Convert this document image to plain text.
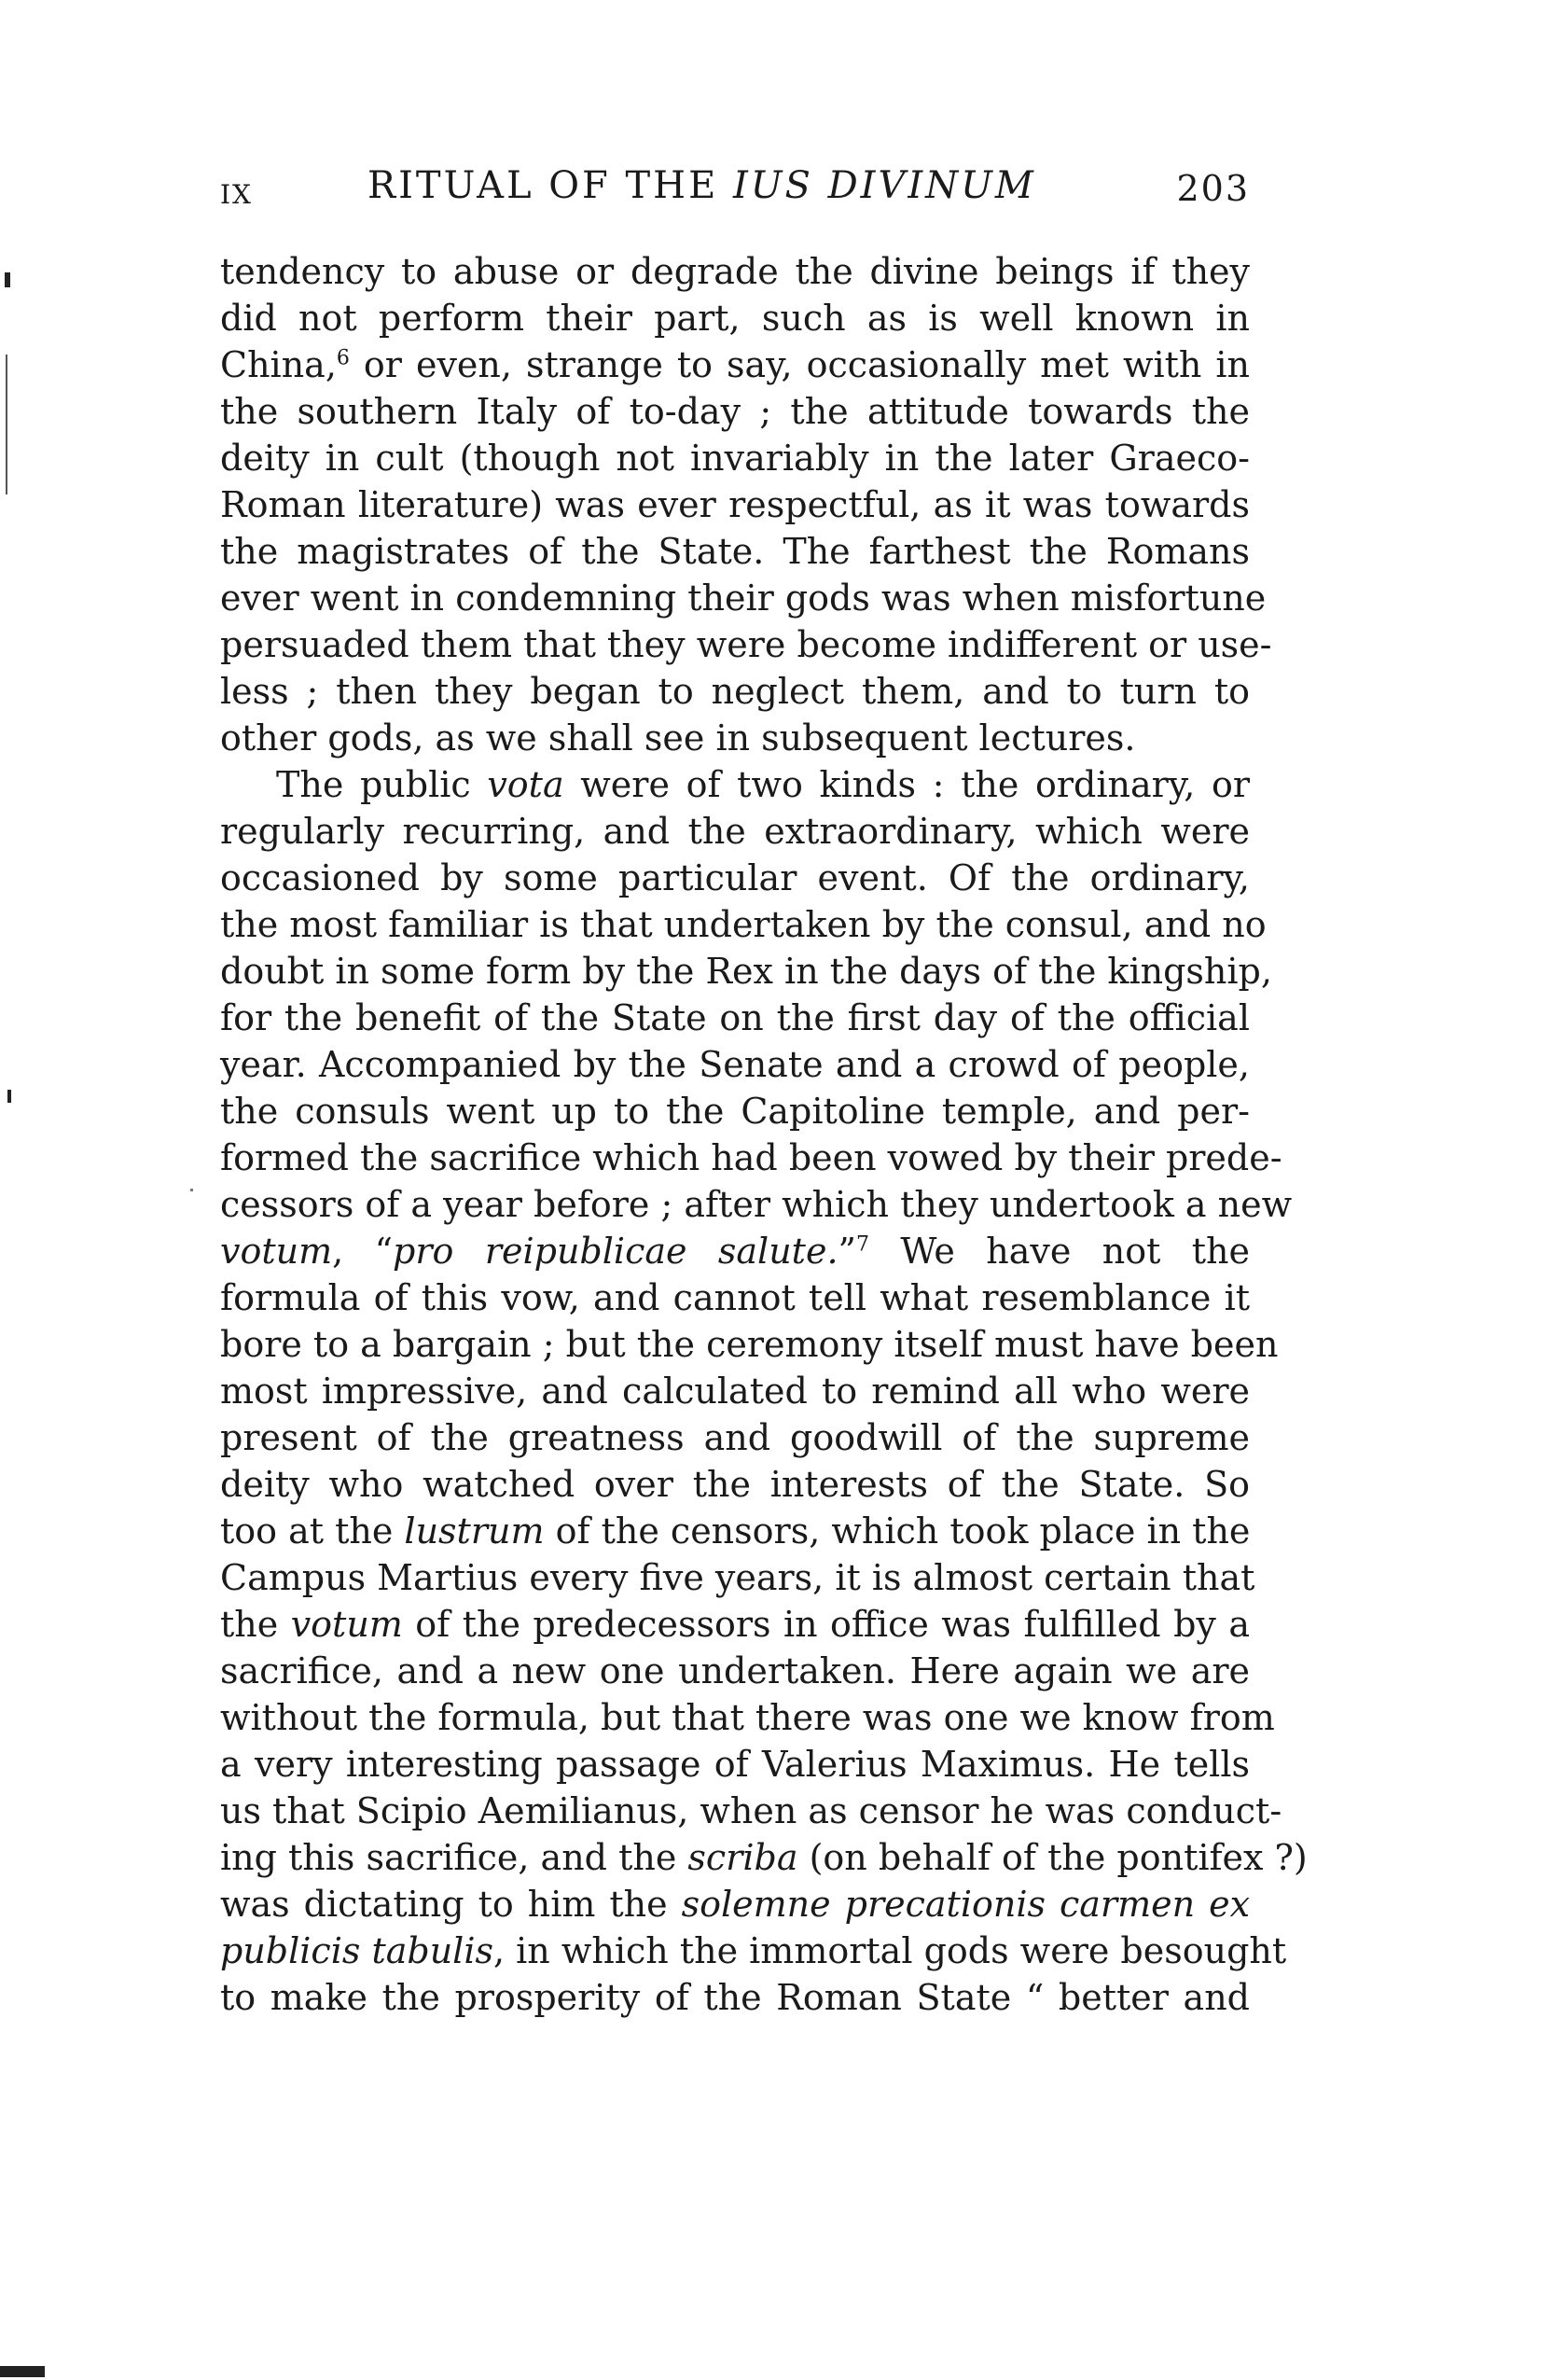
IX	RITUAL OF THE IUS DIVINUM	203
tendency to abuse or degrade the divine beings if they
did not perform their part, such as is well known in
China,$^6$ or even, strange to say, occasionally met with in
the southern Italy of to-day ; the attitude towards the
deity in cult (though not invariably in the later Graeco-
Roman literature) was ever respectful, as it was towards
the magistrates of the State. The farthest the Romans
ever went in condemning their gods was when misfortune
persuaded them that they were become indifferent or use-
less ; then they began to neglect them, and to turn to
other gods, as we shall see in subsequent lectures.
The public vota were of two kinds : the ordinary, or
regularly recurring, and the extraordinary, which were
occasioned by some particular event. Of the ordinary,
the most familiar is that undertaken by the consul, and no
doubt in some form by the Rex in the days of the kingship,
for the benefit of the State on the first day of the official
year. Accompanied by the Senate and a crowd of people,
the consuls went up to the Capitoline temple, and per-
formed the sacrifice which had been vowed by their prede-
cessors of a year before ; after which they undertook a new
votum, “pro reipublicae salute.”$^7$ We have not the
formula of this vow, and cannot tell what resemblance it
bore to a bargain ; but the ceremony itself must have been
most impressive, and calculated to remind all who were
present of the greatness and goodwill of the supreme
deity who watched over the interests of the State. So
too at the lustrum of the censors, which took place in the
Campus Martius every five years, it is almost certain that
the votum of the predecessors in office was fulfilled by a
sacrifice, and a new one undertaken. Here again we are
without the formula, but that there was one we know from
a very interesting passage of Valerius Maximus. He tells
us that Scipio Aemilianus, when as censor he was conduct-
ing this sacrifice, and the scriba (on behalf of the pontifex ?)
was dictating to him the solemne precationis carmen ex
publicis tabulis, in which the immortal gods were besought
to make the prosperity of the Roman State “ better and
